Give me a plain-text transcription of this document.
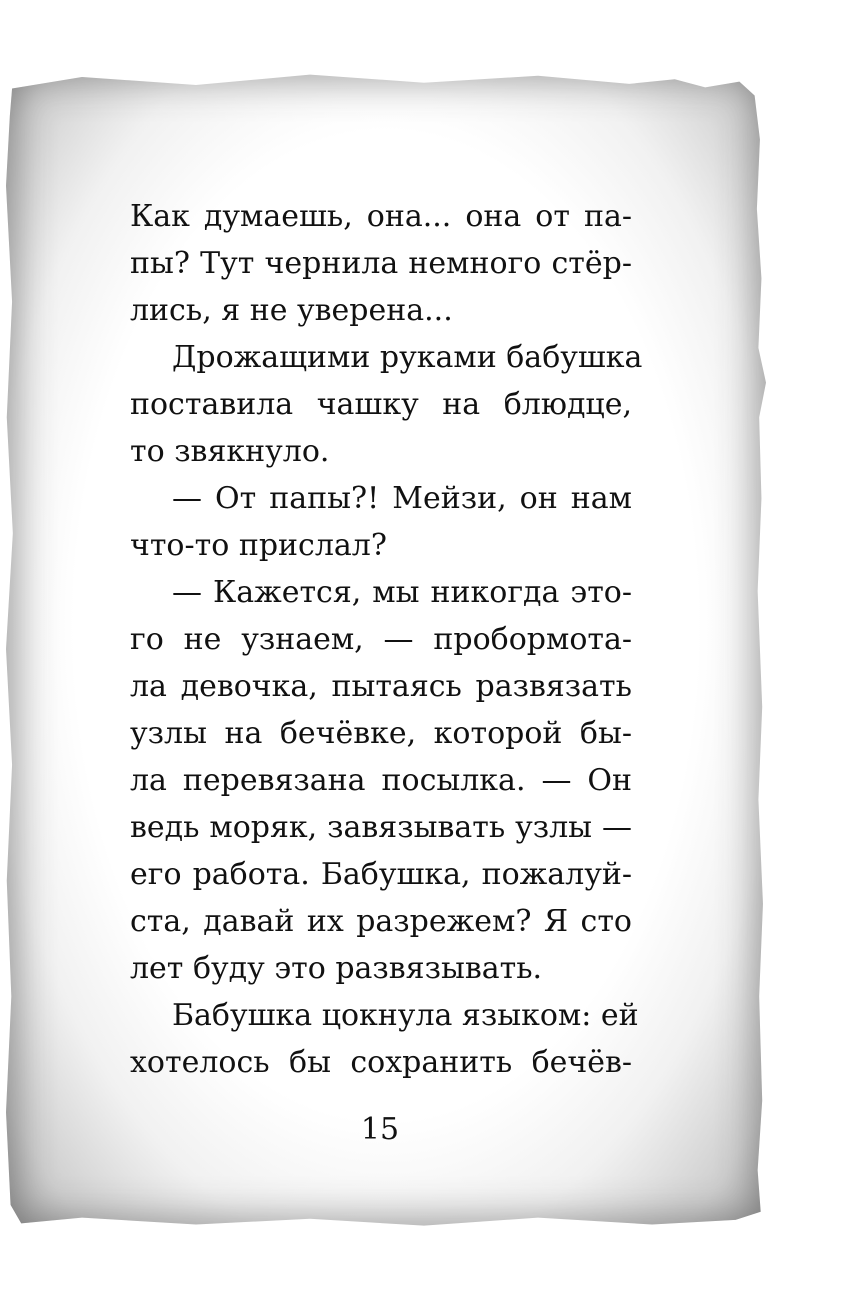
Как думаешь, она... она от па-
пы? Тут чернила немного стёр-
лись, я не уверена...
Дрожащими руками бабушка
поставила чашку на блюдце,
то звякнуло.
— От папы?! Мейзи, он нам
что-то прислал?
— Кажется, мы никогда это-
го не узнаем, — пробормота-
ла девочка, пытаясь развязать
узлы на бечёвке, которой бы-
ла перевязана посылка. — Он
ведь моряк, завязывать узлы —
его работа. Бабушка, пожалуй-
ста, давай их разрежем? Я сто
лет буду это развязывать.
Бабушка цокнула языком: ей
хотелось бы сохранить бечёв-
15
